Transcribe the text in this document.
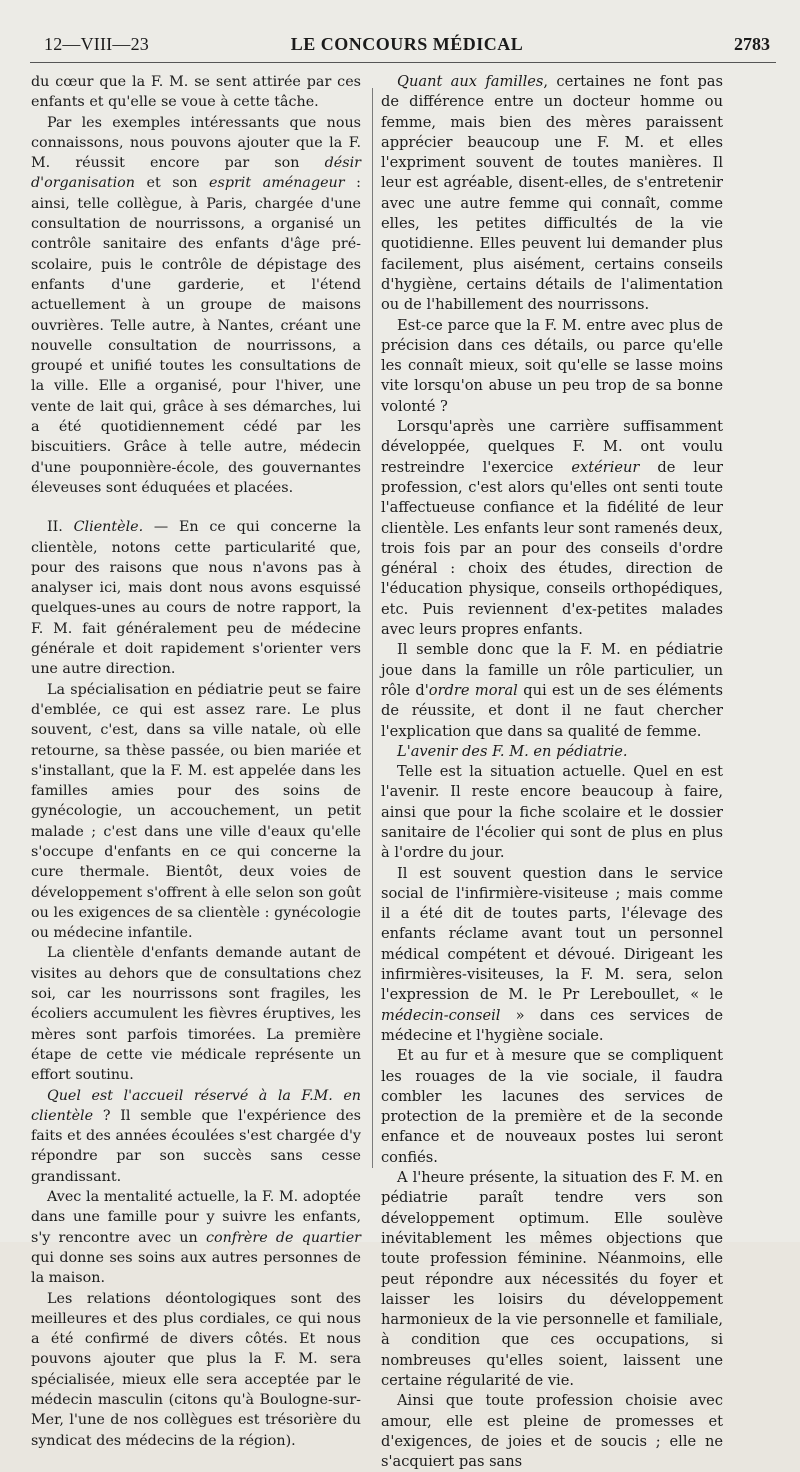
12—VIII—23	LE CONCOURS MÉDICAL	2783

du cœur que la F. M. se sent attirée par ces enfants et qu'elle se voue à cette tâche.

Par les exemples intéressants que nous connaissons, nous pouvons ajouter que la F. M. réussit encore par son désir d'organisation et son esprit aménageur : ainsi, telle collègue, à Paris, chargée d'une consultation de nourrissons, a organisé un contrôle sanitaire des enfants d'âge pré-scolaire, puis le contrôle de dépistage des enfants d'une garderie, et l'étend actuellement à un groupe de maisons ouvrières. Telle autre, à Nantes, créant une nouvelle consultation de nourrissons, a groupé et unifié toutes les consultations de la ville. Elle a organisé, pour l'hiver, une vente de lait qui, grâce à ses démarches, lui a été quotidiennement cédé par les biscuitiers. Grâce à telle autre, médecin d'une pouponnière-école, des gouvernantes éleveuses sont éduquées et placées.

II. Clientèle. — En ce qui concerne la clientèle, notons cette particularité que, pour des raisons que nous n'avons pas à analyser ici, mais dont nous avons esquissé quelques-unes au cours de notre rapport, la F. M. fait généralement peu de médecine générale et doit rapidement s'orienter vers une autre direction.

La spécialisation en pédiatrie peut se faire d'emblée, ce qui est assez rare. Le plus souvent, c'est, dans sa ville natale, où elle retourne, sa thèse passée, ou bien mariée et s'installant, que la F. M. est appelée dans les familles amies pour des soins de gynécologie, un accouchement, un petit malade ; c'est dans une ville d'eaux qu'elle s'occupe d'enfants en ce qui concerne la cure thermale. Bientôt, deux voies de développement s'offrent à elle selon son goût ou les exigences de sa clientèle : gynécologie ou médecine infantile.

La clientèle d'enfants demande autant de visites au dehors que de consultations chez soi, car les nourrissons sont fragiles, les écoliers accumulent les fièvres éruptives, les mères sont parfois timorées. La première étape de cette vie médicale représente un effort soutinu.

Quel est l'accueil réservé à la F.M. en clientèle ? Il semble que l'expérience des faits et des années écoulées s'est chargée d'y répondre par son succès sans cesse grandissant.

Avec la mentalité actuelle, la F. M. adoptée dans une famille pour y suivre les enfants, s'y rencontre avec un confrère de quartier qui donne ses soins aux autres personnes de la maison.

Les relations déontologiques sont des meilleures et des plus cordiales, ce qui nous a été confirmé de divers côtés. Et nous pouvons ajouter que plus la F. M. sera spécialisée, mieux elle sera acceptée par le médecin masculin (citons qu'à Boulogne-sur-Mer, l'une de nos collègues est trésorière du syndicat des médecins de la région).

Quant aux familles, certaines ne font pas de différence entre un docteur homme ou femme, mais bien des mères paraissent apprécier beaucoup une F. M. et elles l'expriment souvent de toutes manières. Il leur est agréable, disent-elles, de s'entretenir avec une autre femme qui connaît, comme elles, les petites difficultés de la vie quotidienne. Elles peuvent lui demander plus facilement, plus aisément, certains conseils d'hygiène, certains détails de l'alimentation ou de l'habillement des nourrissons.

Est-ce parce que la F. M. entre avec plus de précision dans ces détails, ou parce qu'elle les connaît mieux, soit qu'elle se lasse moins vite lorsqu'on abuse un peu trop de sa bonne volonté ?

Lorsqu'après une carrière suffisamment développée, quelques F. M. ont voulu restreindre l'exercice extérieur de leur profession, c'est alors qu'elles ont senti toute l'affectueuse confiance et la fidélité de leur clientèle. Les enfants leur sont ramenés deux, trois fois par an pour des conseils d'ordre général : choix des études, direction de l'éducation physique, conseils orthopédiques, etc. Puis reviennent d'ex-petites malades avec leurs propres enfants.

Il semble donc que la F. M. en pédiatrie joue dans la famille un rôle particulier, un rôle d'ordre moral qui est un de ses éléments de réussite, et dont il ne faut chercher l'explication que dans sa qualité de femme.

L'avenir des F. M. en pédiatrie.

Telle est la situation actuelle. Quel en est l'avenir. Il reste encore beaucoup à faire, ainsi que pour la fiche scolaire et le dossier sanitaire de l'écolier qui sont de plus en plus à l'ordre du jour.

Il est souvent question dans le service social de l'infirmière-visiteuse ; mais comme il a été dit de toutes parts, l'élevage des enfants réclame avant tout un personnel médical compétent et dévoué. Dirigeant les infirmières-visiteuses, la F. M. sera, selon l'expression de M. le Pr Lereboullet, « le médecin-conseil » dans ces services de médecine et l'hygiène sociale.

Et au fur et à mesure que se compliquent les rouages de la vie sociale, il faudra combler les lacunes des services de protection de la première et de la seconde enfance et de nouveaux postes lui seront confiés.

A l'heure présente, la situation des F. M. en pédiatrie paraît tendre vers son développement optimum. Elle soulève inévitablement les mêmes objections que toute profession féminine. Néanmoins, elle peut répondre aux nécessités du foyer et laisser les loisirs du développement harmonieux de la vie personnelle et familiale, à condition que ces occupations, si nombreuses qu'elles soient, laissent une certaine régularité de vie.

Ainsi que toute profession choisie avec amour, elle est pleine de promesses et d'exigences, de joies et de soucis ; elle ne s'acquiert pas sans
